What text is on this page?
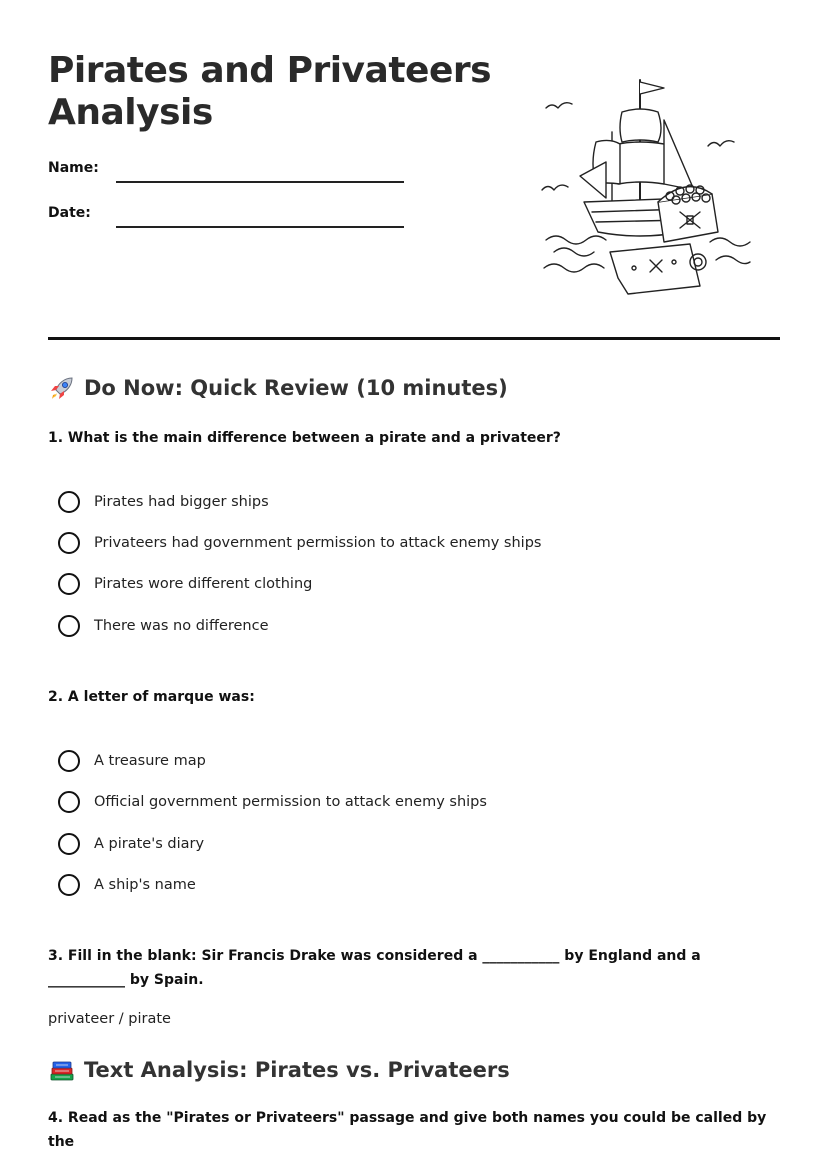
Pirates and Privateers Analysis
Name:
Date:
Do Now: Quick Review (10 minutes)
1. What is the main difference between a pirate and a privateer?
Pirates had bigger ships
Privateers had government permission to attack enemy ships
Pirates wore different clothing
There was no difference
2. A letter of marque was:
A treasure map
Official government permission to attack enemy ships
A pirate's diary
A ship's name
3. Fill in the blank: Sir Francis Drake was considered a ___________ by England and a ___________ by Spain.
privateer / pirate
Text Analysis: Pirates vs. Privateers
4. Read as the "Pirates or Privateers" passage and give both names you could be called by the
